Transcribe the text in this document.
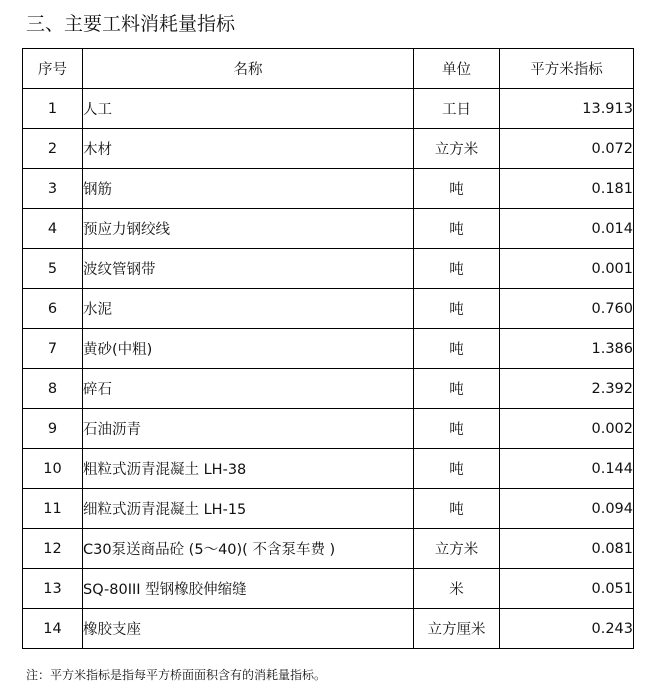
三、主要工料消耗量指标
序号	名称	单位	平方米指标
1	人工	工日	13.913
2	木材	立方米	0.072
3	钢筋	吨	0.181
4	预应力钢绞线	吨	0.014
5	波纹管钢带	吨	0.001
6	水泥	吨	0.760
7	黄砂(中粗)	吨	1.386
8	碎石	吨	2.392
9	石油沥青	吨	0.002
10	粗粒式沥青混凝土 LH-38	吨	0.144
11	细粒式沥青混凝土 LH-15	吨	0.094
12	C30泵送商品砼 (5～40)( 不含泵车费 )	立方米	0.081
13	SQ-80III 型钢橡胶伸缩缝	米	0.051
14	橡胶支座	立方厘米	0.243
注：平方米指标是指每平方桥面面积含有的消耗量指标。
